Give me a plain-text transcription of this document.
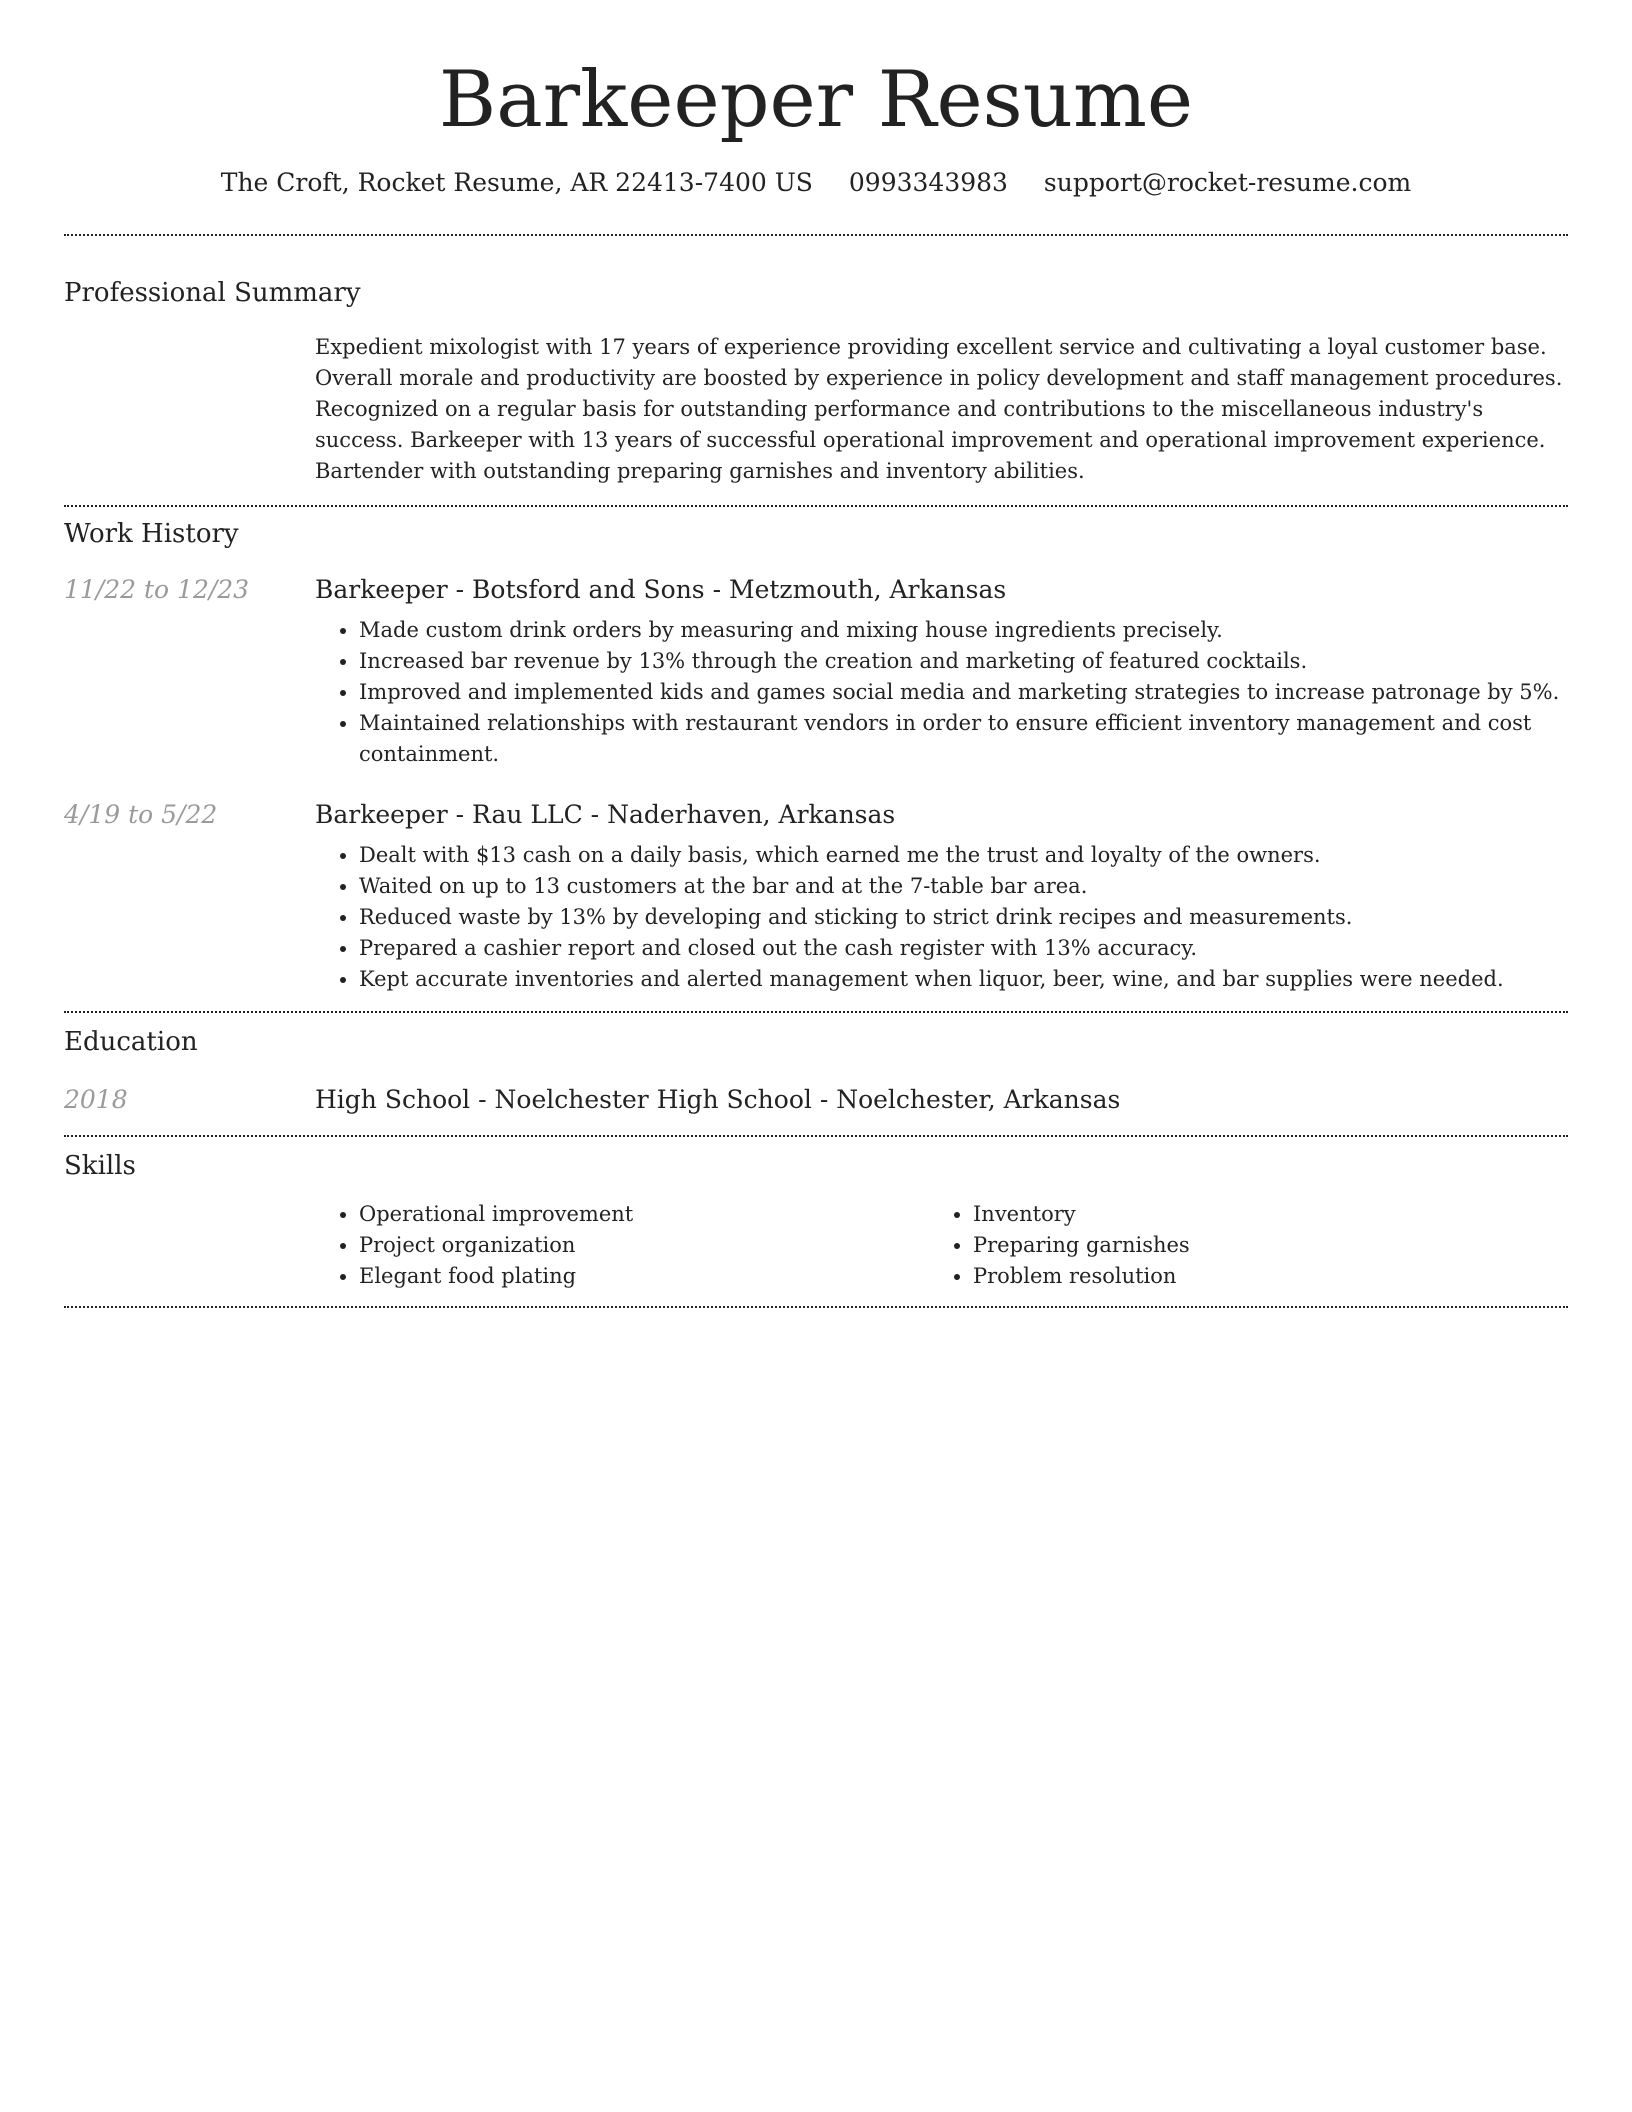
Barkeeper Resume
The Croft, Rocket Resume, AR 22413-7400 US 0993343983 support@rocket-resume.com
Professional Summary

Expedient mixologist with 17 years of experience providing excellent service and cultivating a loyal customer base. Overall morale and productivity are boosted by experience in policy development and staff management procedures. Recognized on a regular basis for outstanding performance and contributions to the miscellaneous industry's success. Barkeeper with 13 years of successful operational improvement and operational improvement experience. Bartender with outstanding preparing garnishes and inventory abilities.

Work History
11/22 to 12/23	Barkeeper - Botsford and Sons - Metzmouth, Arkansas
• Made custom drink orders by measuring and mixing house ingredients precisely.
• Increased bar revenue by 13% through the creation and marketing of featured cocktails.
• Improved and implemented kids and games social media and marketing strategies to increase patronage by 5%.
• Maintained relationships with restaurant vendors in order to ensure efficient inventory management and cost containment.
4/19 to 5/22	Barkeeper - Rau LLC - Naderhaven, Arkansas
• Dealt with $13 cash on a daily basis, which earned me the trust and loyalty of the owners.
• Waited on up to 13 customers at the bar and at the 7-table bar area.
• Reduced waste by 13% by developing and sticking to strict drink recipes and measurements.
• Prepared a cashier report and closed out the cash register with 13% accuracy.
• Kept accurate inventories and alerted management when liquor, beer, wine, and bar supplies were needed.
Education
2018	High School - Noelchester High School - Noelchester, Arkansas
Skills
• Operational improvement
• Project organization
• Elegant food plating
• Inventory
• Preparing garnishes
• Problem resolution
